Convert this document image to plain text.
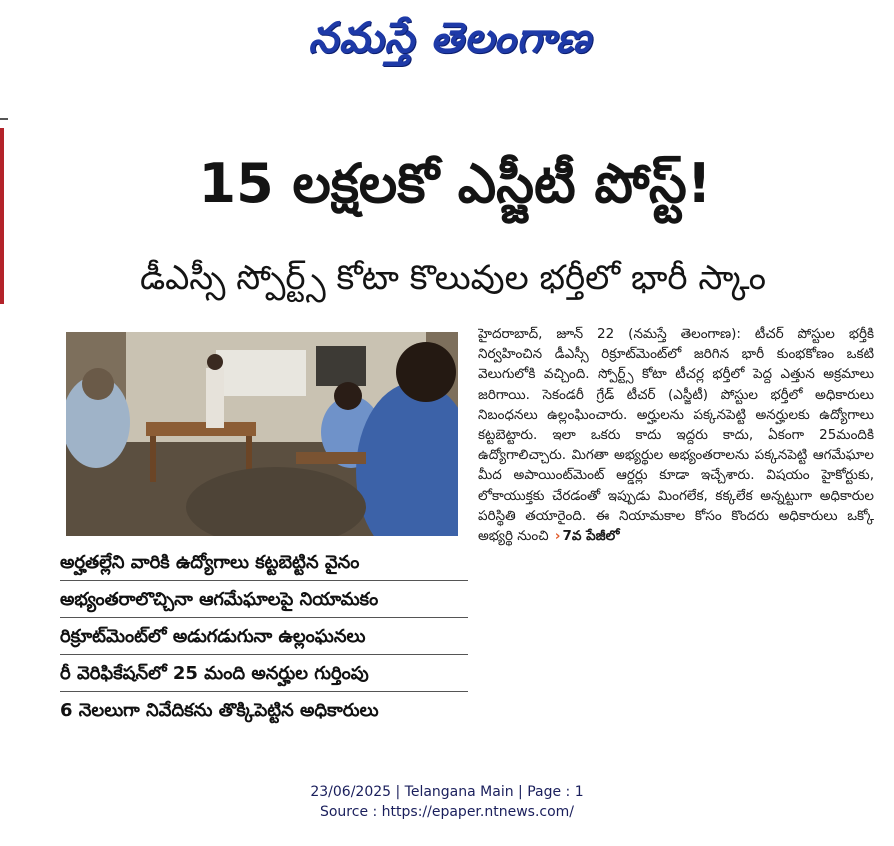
నమస్తే తెలంగాణ
15 లక్షలకో ఎస్జీటీ పోస్ట్!
డీఎస్సీ స్పోర్ట్స్ కోటా కొలువుల భర్తీలో భారీ స్కాం
అర్హతల్లేని వారికి ఉద్యోగాలు కట్టబెట్టిన వైనం
అభ్యంతరాలొచ్చినా ఆగమేఘాలపై నియామకం
రిక్రూట్‌మెంట్‌లో అడుగడుగునా ఉల్లంఘనలు
రీ వెరిఫికేషన్‌లో 25 మంది అనర్హుల గుర్తింపు
6 నెలలుగా నివేదికను తొక్కిపెట్టిన అధికారులు
హైదరాబాద్, జూన్ 22 (నమస్తే తెలంగాణ): టీచర్ పోస్టుల భర్తీకి నిర్వహించిన డీఎస్సీ రిక్రూట్‌మెంట్‌లో జరిగిన భారీ కుంభకోణం ఒకటి వెలుగులోకి వచ్చింది. స్పోర్ట్స్ కోటా టీచర్ల భర్తీలో పెద్ద ఎత్తున అక్రమాలు జరిగాయి. సెకండరీ గ్రేడ్ టీచర్ (ఎస్జీటీ) పోస్టుల భర్తీలో అధికారులు నిబంధనలు ఉల్లంఘించారు. అర్హులను పక్కనపెట్టి అనర్హులకు ఉద్యోగాలు కట్టబెట్టారు. ఇలా ఒకరు కాదు ఇద్దరు కాదు, ఏకంగా 25మందికి ఉద్యోగాలిచ్చారు. మిగతా అభ్యర్థుల అభ్యంతరాలను పక్కనపెట్టి ఆగమేఘాల మీద అపాయింట్‌మెంట్ ఆర్డర్లు కూడా ఇచ్చేశారు. విషయం హైకోర్టుకు, లోకాయుక్తకు చేరడంతో ఇప్పుడు మింగలేక, కక్కలేక అన్నట్టుగా అధికారుల పరిస్థితి తయారైంది. ఈ నియామకాల కోసం కొందరు అధికారులు ఒక్కో అభ్యర్థి నుంచి › 7వ పేజీలో
23/06/2025 | Telangana Main | Page : 1
Source : https://epaper.ntnews.com/
